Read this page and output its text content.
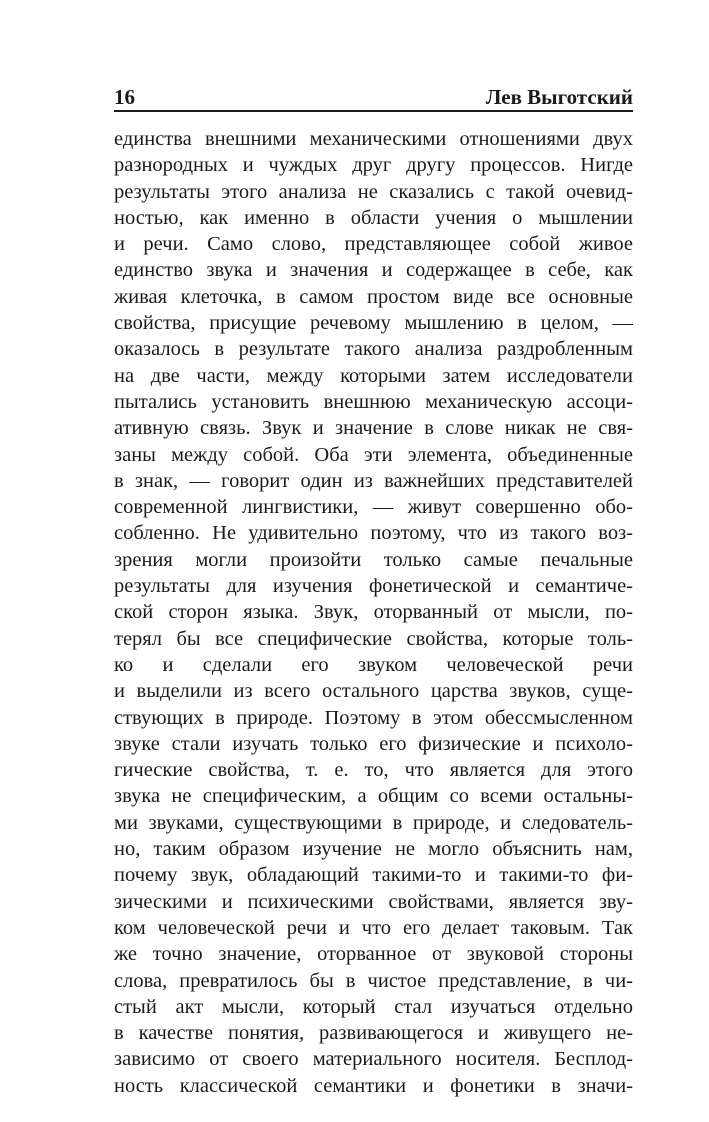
16	Лев Выготский
единства внешними механическими отношениями двух
разнородных и чуждых друг другу процессов. Нигде
результаты этого анализа не сказались с такой очевид-
ностью, как именно в области учения о мышлении
и речи. Само слово, представляющее собой живое
единство звука и значения и содержащее в себе, как
живая клеточка, в самом простом виде все основные
свойства, присущие речевому мышлению в целом, —
оказалось в результате такого анализа раздробленным
на две части, между которыми затем исследователи
пытались установить внешнюю механическую ассоци-
ативную связь. Звук и значение в слове никак не свя-
заны между собой. Оба эти элемента, объединенные
в знак, — говорит один из важнейших представителей
современной лингвистики, — живут совершенно обо-
собленно. Не удивительно поэтому, что из такого воз-
зрения могли произойти только самые печальные
результаты для изучения фонетической и семантиче-
ской сторон языка. Звук, оторванный от мысли, по-
терял бы все специфические свойства, которые толь-
ко и сделали его звуком человеческой речи
и выделили из всего остального царства звуков, суще-
ствующих в природе. Поэтому в этом обессмысленном
звуке стали изучать только его физические и психоло-
гические свойства, т. е. то, что является для этого
звука не специфическим, а общим со всеми остальны-
ми звуками, существующими в природе, и следователь-
но, таким образом изучение не могло объяснить нам,
почему звук, обладающий такими-то и такими-то фи-
зическими и психическими свойствами, является зву-
ком человеческой речи и что его делает таковым. Так
же точно значение, оторванное от звуковой стороны
слова, превратилось бы в чистое представление, в чи-
стый акт мысли, который стал изучаться отдельно
в качестве понятия, развивающегося и живущего не-
зависимо от своего материального носителя. Бесплод-
ность классической семантики и фонетики в значи-
